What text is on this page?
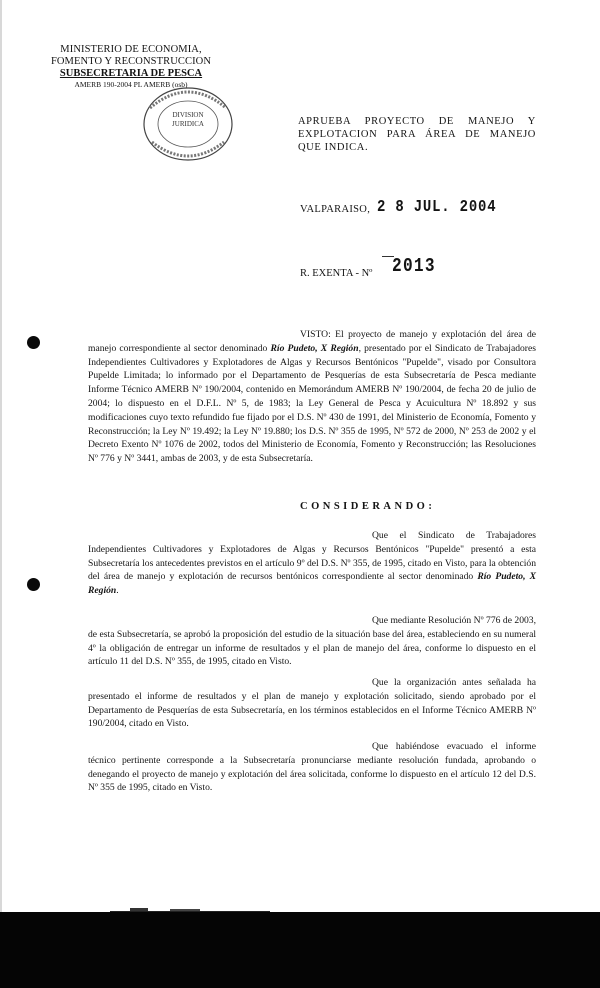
MINISTERIO DE ECONOMIA,
FOMENTO Y RECONSTRUCCION
SUBSECRETARIA DE PESCA
AMERB 190-2004 PL AMERB (osb)
DIVISION
JURIDICA	APRUEBA PROYECTO DE MANEJO Y EXPLOTACION PARA ÁREA DE MANEJO QUE INDICA.
VALPARAISO, 2 8 JUL. 2004
R. EXENTA - Nº 2013
VISTO: El proyecto de manejo y explotación del área de manejo correspondiente al sector denominado Río Pudeto, X Región, presentado por el Sindicato de Trabajadores Independientes Cultivadores y Explotadores de Algas y Recursos Bentónicos "Pupelde", visado por Consultora Pupelde Limitada; lo informado por el Departamento de Pesquerías de esta Subsecretaría de Pesca mediante Informe Técnico AMERB Nº 190/2004, contenido en Memorándum AMERB Nº 190/2004, de fecha 20 de julio de 2004; lo dispuesto en el D.F.L. Nº 5, de 1983; la Ley General de Pesca y Acuicultura Nº 18.892 y sus modificaciones cuyo texto refundido fue fijado por el D.S. Nº 430 de 1991, del Ministerio de Economía, Fomento y Reconstrucción; la Ley Nº 19.492; la Ley Nº 19.880; los D.S. Nº 355 de 1995, Nº 572 de 2000, Nº 253 de 2002 y el Decreto Exento Nº 1076 de 2002, todos del Ministerio de Economía, Fomento y Reconstrucción; las Resoluciones Nº 776 y Nº 3441, ambas de 2003, y de esta Subsecretaría.
CONSIDERANDO:
Que el Sindicato de Trabajadores Independientes Cultivadores y Explotadores de Algas y Recursos Bentónicos "Pupelde" presentó a esta Subsecretaría los antecedentes previstos en el artículo 9º del D.S. Nº 355, de 1995, citado en Visto, para la obtención del área de manejo y explotación de recursos bentónicos correspondiente al sector denominado Río Pudeto, X Región.
Que mediante Resolución Nº 776 de 2003, de esta Subsecretaría, se aprobó la proposición del estudio de la situación base del área, estableciendo en su numeral 4º la obligación de entregar un informe de resultados y el plan de manejo del área, conforme lo dispuesto en el artículo 11 del D.S. Nº 355, de 1995, citado en Visto.
Que la organización antes señalada ha presentado el informe de resultados y el plan de manejo y explotación solicitado, siendo aprobado por el Departamento de Pesquerías de esta Subsecretaría, en los términos establecidos en el Informe Técnico AMERB Nº 190/2004, citado en Visto.
Que habiéndose evacuado el informe técnico pertinente corresponde a la Subsecretaría pronunciarse mediante resolución fundada, aprobando o denegando el proyecto de manejo y explotación del área solicitada, conforme lo dispuesto en el artículo 12 del D.S. Nº 355 de 1995, citado en Visto.
